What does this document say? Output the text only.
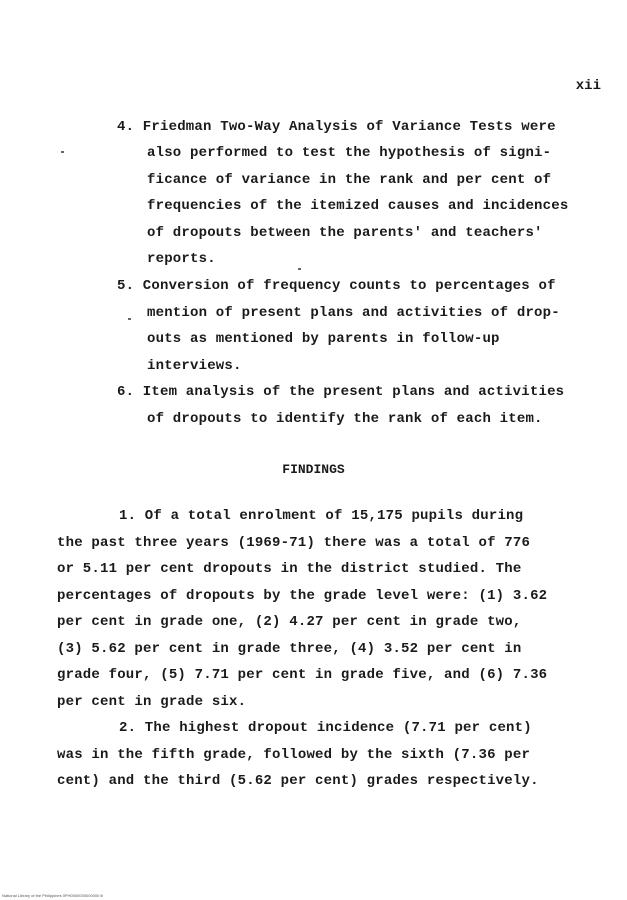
xii
4. Friedman Two-Way Analysis of Variance Tests were
also performed to test the hypothesis of signi-
ficance of variance in the rank and per cent of
frequencies of the itemized causes and incidences
of dropouts between the parents' and teachers'
reports.
5. Conversion of frequency counts to percentages of
mention of present plans and activities of drop-
outs as mentioned by parents in follow-up
interviews.
6. Item analysis of the present plans and activities
of dropouts to identify the rank of each item.
FINDINGS
1. Of a total enrolment of 15,175 pupils during
the past three years (1969-71) there was a total of 776
or 5.11 per cent dropouts in the district studied. The
percentages of dropouts by the grade level were: (1) 3.62
per cent in grade one, (2) 4.27 per cent in grade two,
(3) 5.62 per cent in grade three, (4) 3.52 per cent in
grade four, (5) 7.71 per cent in grade five, and (6) 7.36
per cent in grade six.
2. The highest dropout incidence (7.71 per cent)
was in the fifth grade, followed by the sixth (7.36 per
cent) and the third (5.62 per cent) grades respectively.
National Library of the Philippines 0PH0000000000000 iii
